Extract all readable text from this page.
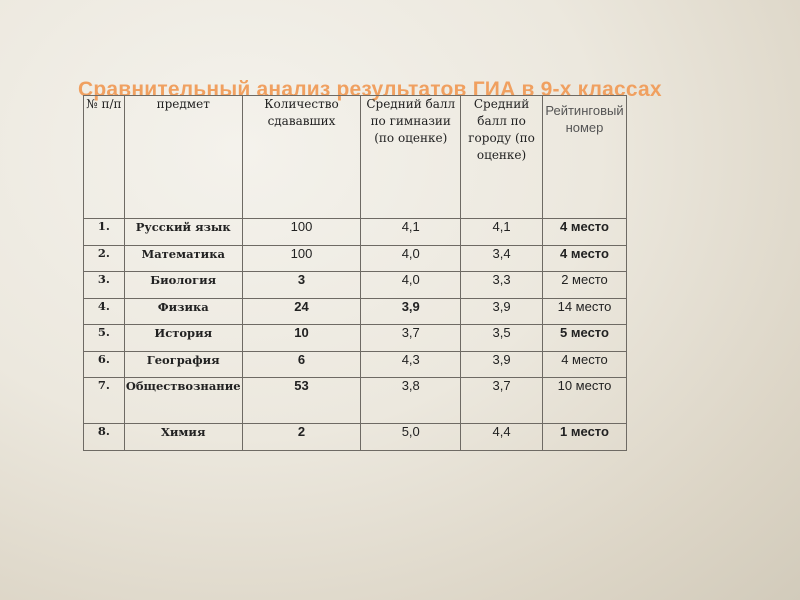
Сравнительный анализ результатов ГИА в 9-х классах
№ п/п	предмет	Количество сдававших	Средний балл по гимназии (по оценке)	Средний балл по городу (по оценке)	Рейтинговый номер
1.	Русский язык	100	4,1	4,1	4 место
2.	Математика	100	4,0	3,4	4 место
3.	Биология	3	4,0	3,3	2 место
4.	Физика	24	3,9	3,9	14 место
5.	История	10	3,7	3,5	5 место
6.	География	6	4,3	3,9	4 место
7.	Обществознание	53	3,8	3,7	10 место
8.	Химия	2	5,0	4,4	1 место
